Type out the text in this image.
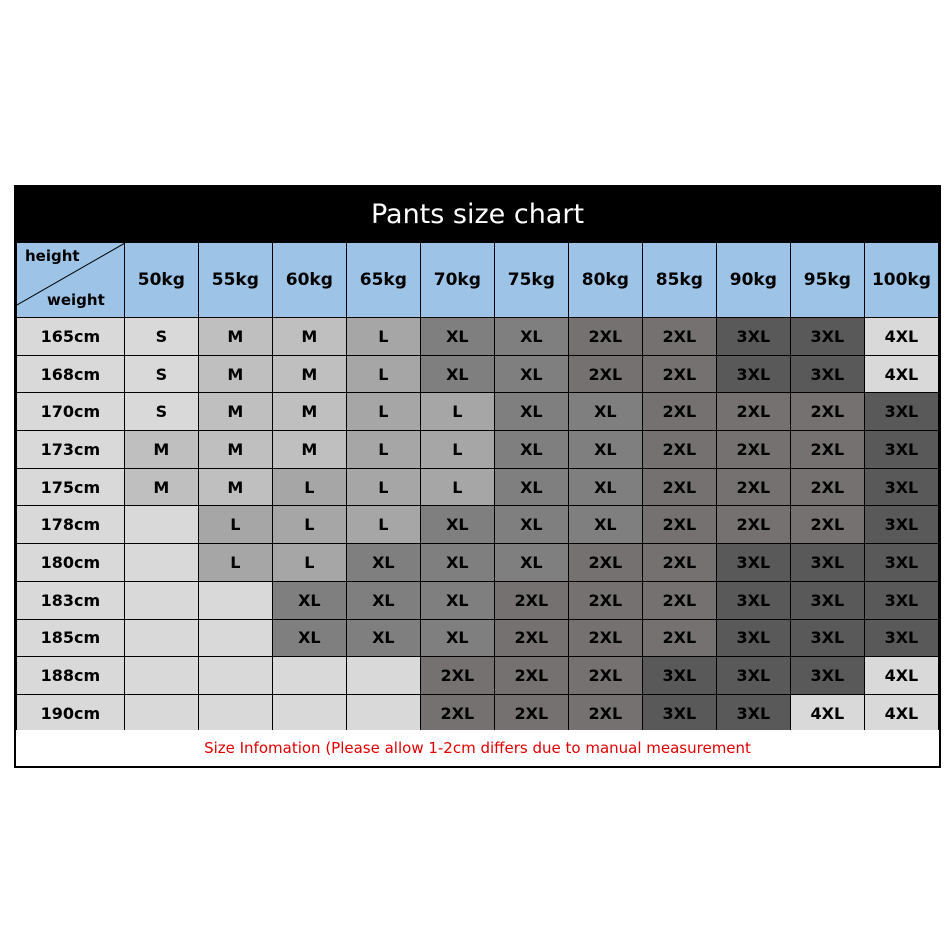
Pants size chart
height
weight	50kg	55kg	60kg	65kg	70kg	75kg	80kg	85kg	90kg	95kg	100kg
165cm	S	M	M	L	XL	XL	2XL	2XL	3XL	3XL	4XL
168cm	S	M	M	L	XL	XL	2XL	2XL	3XL	3XL	4XL
170cm	S	M	M	L	L	XL	XL	2XL	2XL	2XL	3XL
173cm	M	M	M	L	L	XL	XL	2XL	2XL	2XL	3XL
175cm	M	M	L	L	L	XL	XL	2XL	2XL	2XL	3XL
178cm		L	L	L	XL	XL	XL	2XL	2XL	2XL	3XL
180cm		L	L	XL	XL	XL	2XL	2XL	3XL	3XL	3XL
183cm			XL	XL	XL	2XL	2XL	2XL	3XL	3XL	3XL
185cm			XL	XL	XL	2XL	2XL	2XL	3XL	3XL	3XL
188cm					2XL	2XL	2XL	3XL	3XL	3XL	4XL
190cm					2XL	2XL	2XL	3XL	3XL	4XL	4XL
Size Infomation (Please allow 1-2cm differs due to manual measurement
